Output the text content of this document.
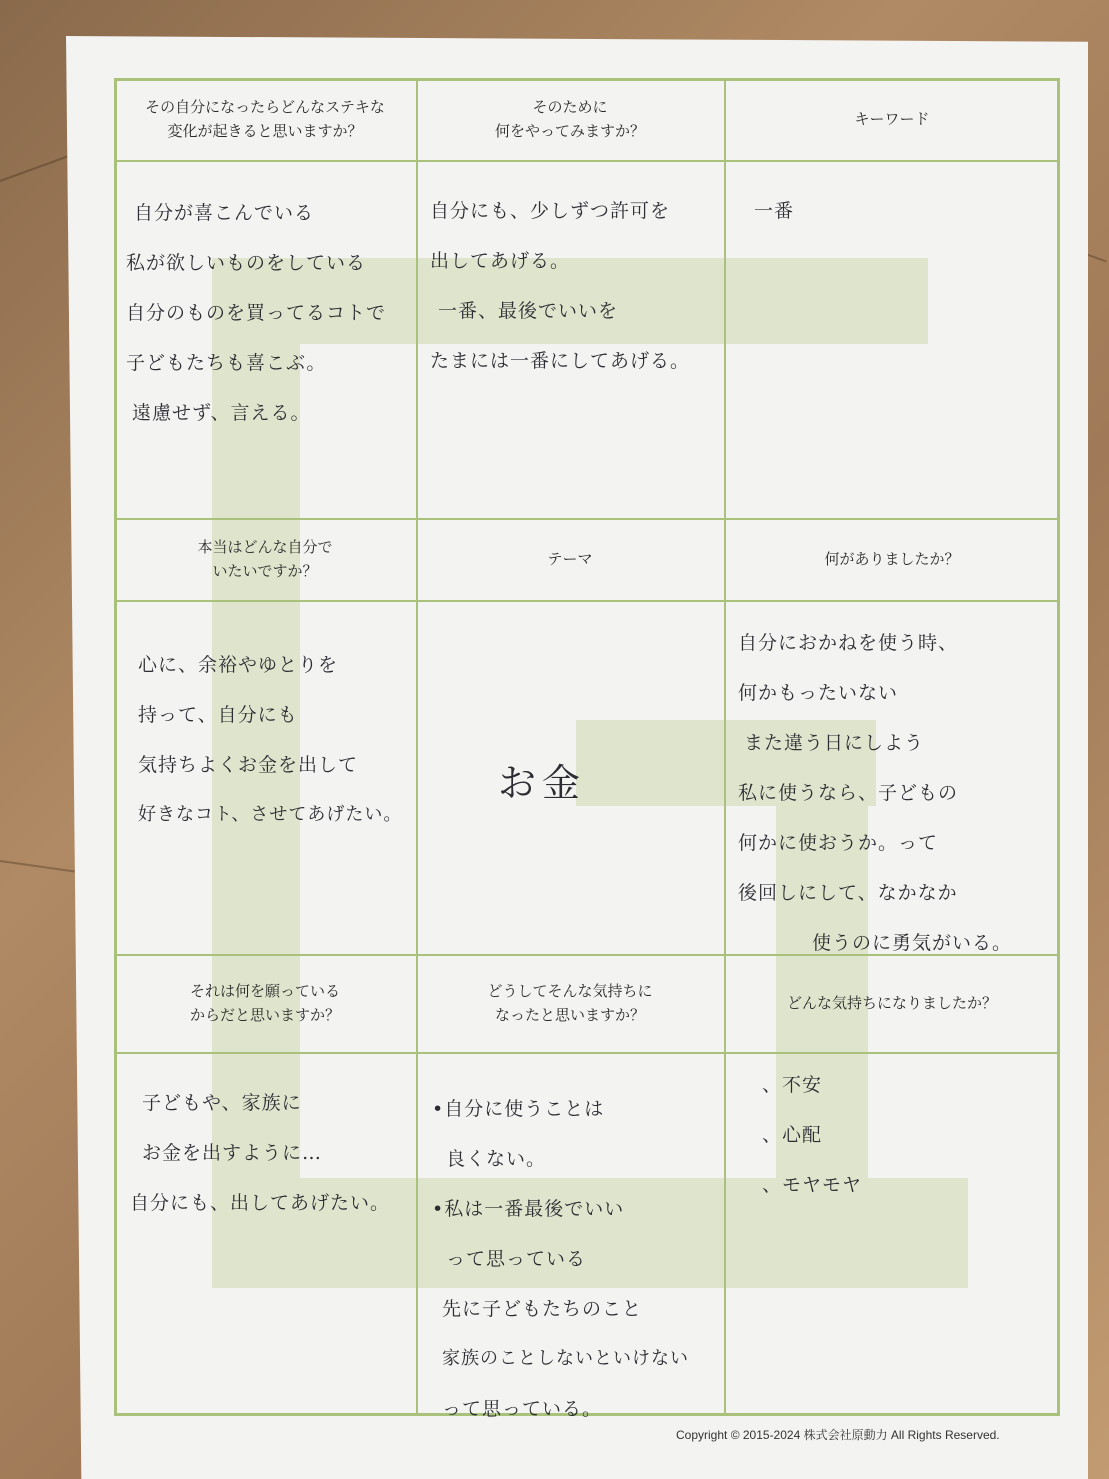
その自分になったらどんなステキな
変化が起きると思いますか？
そのために
何をやってみますか？
キーワード
本当はどんな自分で
いたいですか？
テーマ	何がありましたか？
それは何を願っている
からだと思いますか？
どうしてそんな気持ちに
なったと思いますか？
どんな気持ちになりましたか？
自分が喜こんでいる
私が欲しいものをしている
自分のものを買ってるコトで
子どもたちも喜こぶ。
遠慮せず、言える。
自分にも、少しずつ許可を
出してあげる。
一番、最後でいいを
たまには一番にしてあげる。
一番
心に、余裕やゆとりを
持って、自分にも
気持ちよくお金を出して
好きなコト、させてあげたい。
お金
自分におかねを使う時、
何かもったいない
また違う日にしよう
私に使うなら、子どもの
何かに使おうか。って
後回しにして、なかなか
使うのに勇気がいる。
子どもや、家族に
お金を出すように…
自分にも、出してあげたい。
•自分に使うことは
良くない。
•私は一番最後でいい
って思っている
先に子どもたちのこと
家族のことしないといけない
って思っている。
、不安
、心配
、モヤモヤ
Copyright © 2015-2024 株式会社原動力 All Rights Reserved.
